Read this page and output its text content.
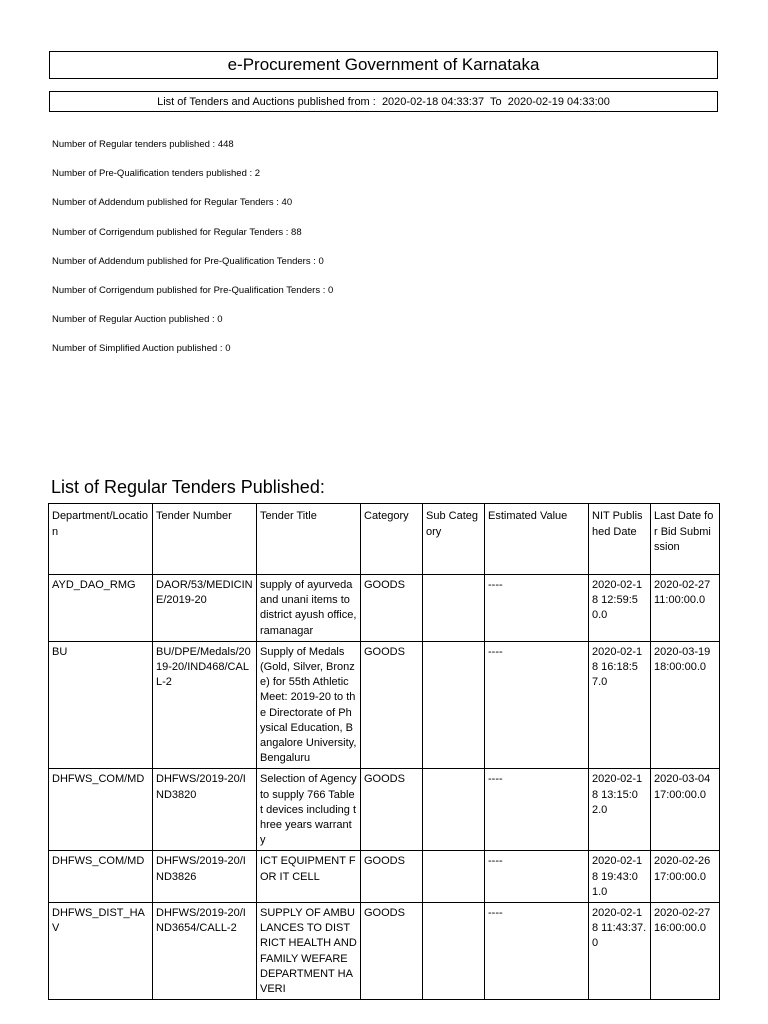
e-Procurement Government of Karnataka
List of Tenders and Auctions published from :  2020-02-18 04:33:37  To  2020-02-19 04:33:00
Number of Regular tenders published : 448
Number of Pre-Qualification tenders published : 2
Number of Addendum published for Regular Tenders : 40
Number of Corrigendum published for Regular Tenders : 88
Number of Addendum published for Pre-Qualification Tenders : 0
Number of Corrigendum published for Pre-Qualification Tenders : 0
Number of Regular Auction published : 0
Number of Simplified Auction published : 0
List of Regular Tenders Published:
Department/Location	Tender Number	Tender Title	Category	Sub Category	Estimated Value	NIT Published Date	Last Date for Bid Submission
AYD_DAO_RMG	DAOR/53/MEDICINE/2019-20	supply of ayurveda and unani items to district ayush office, ramanagar	GOODS		----	2020-02-18 12:59:50.0	2020-02-27 11:00:00.0
BU	BU/DPE/Medals/2019-20/IND468/CALL-2	Supply of Medals (Gold, Silver, Bronze) for 55th Athletic Meet: 2019-20 to the Directorate of Physical Education, Bangalore University, Bengaluru	GOODS		----	2020-02-18 16:18:57.0	2020-03-19 18:00:00.0
DHFWS_COM/MD	DHFWS/2019-20/IND3820	Selection of Agency to supply 766 Tablet devices including three years warranty	GOODS		----	2020-02-18 13:15:02.0	2020-03-04 17:00:00.0
DHFWS_COM/MD	DHFWS/2019-20/IND3826	ICT EQUIPMENT FOR IT CELL	GOODS		----	2020-02-18 19:43:01.0	2020-02-26 17:00:00.0
DHFWS_DIST_HAV	DHFWS/2019-20/IND3654/CALL-2	SUPPLY OF AMBULANCES TO DISTRICT HEALTH AND FAMILY WEFARE DEPARTMENT HAVERI	GOODS		----	2020-02-18 11:43:37.0	2020-02-27 16:00:00.0
